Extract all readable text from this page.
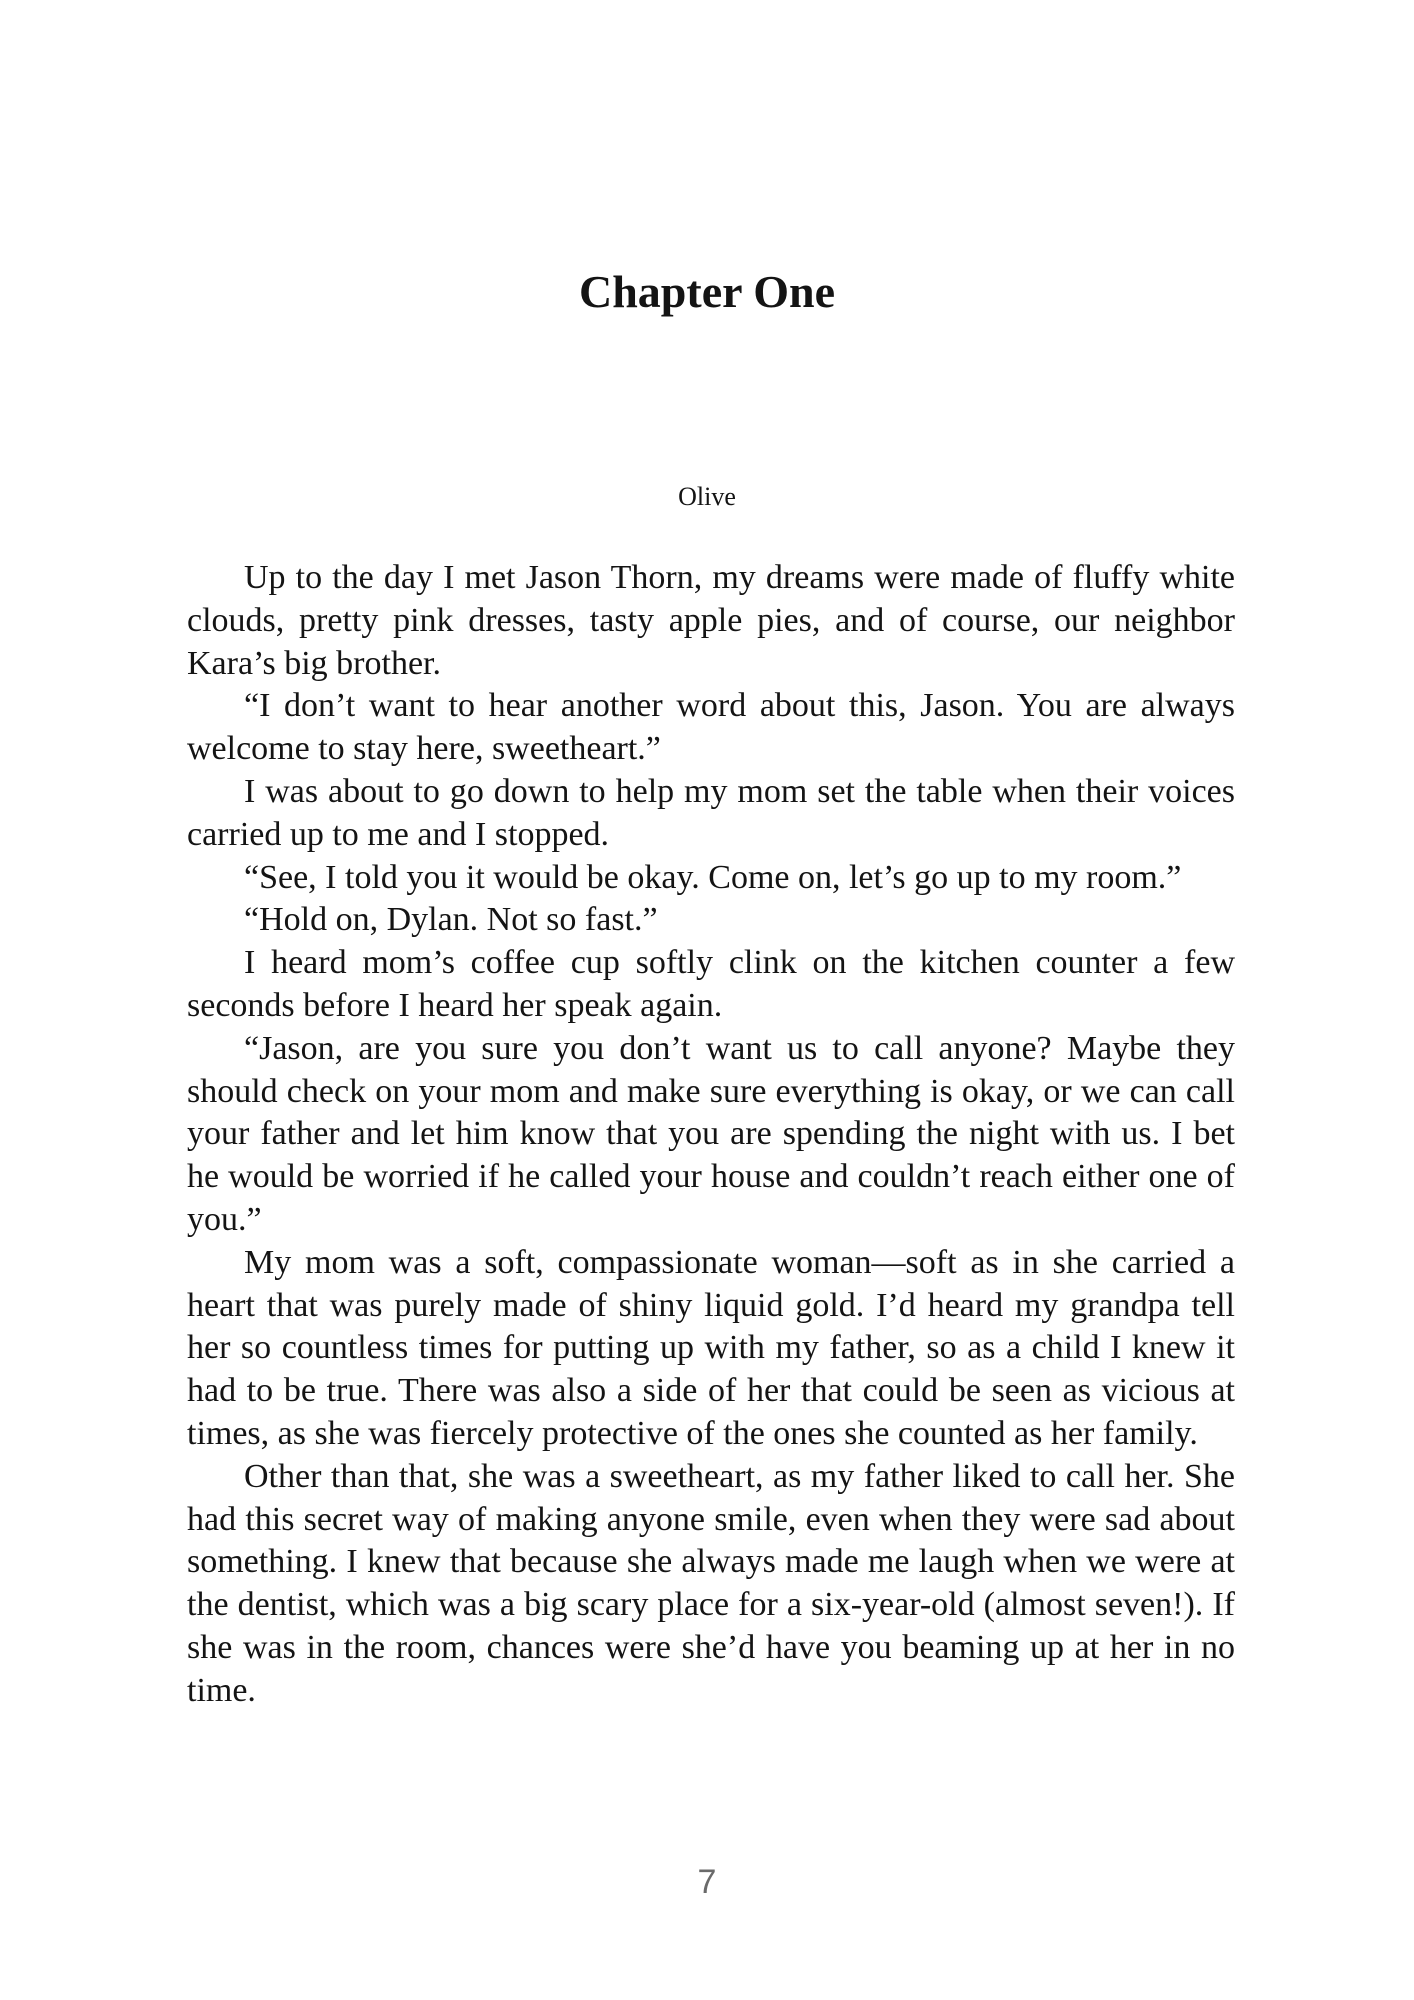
Chapter One
Olive

Up to the day I met Jason Thorn, my dreams were made of fluffy white clouds, pretty pink dresses, tasty apple pies, and of course, our neighbor Kara’s big brother.

“I don’t want to hear another word about this, Jason. You are always welcome to stay here, sweetheart.”

I was about to go down to help my mom set the table when their voices carried up to me and I stopped.

“See, I told you it would be okay. Come on, let’s go up to my room.”

“Hold on, Dylan. Not so fast.”

I heard mom’s coffee cup softly clink on the kitchen counter a few seconds before I heard her speak again.

“Jason, are you sure you don’t want us to call anyone? Maybe they should check on your mom and make sure everything is okay, or we can call your father and let him know that you are spending the night with us. I bet he would be worried if he called your house and couldn’t reach either one of you.”

My mom was a soft, compassionate woman—soft as in she carried a heart that was purely made of shiny liquid gold. I’d heard my grandpa tell her so countless times for putting up with my father, so as a child I knew it had to be true. There was also a side of her that could be seen as vicious at times, as she was fiercely protective of the ones she counted as her family.

Other than that, she was a sweetheart, as my father liked to call her. She had this secret way of making anyone smile, even when they were sad about something. I knew that because she always made me laugh when we were at the dentist, which was a big scary place for a six-year-old (almost seven!). If she was in the room, chances were she’d have you beaming up at her in no time.

7
